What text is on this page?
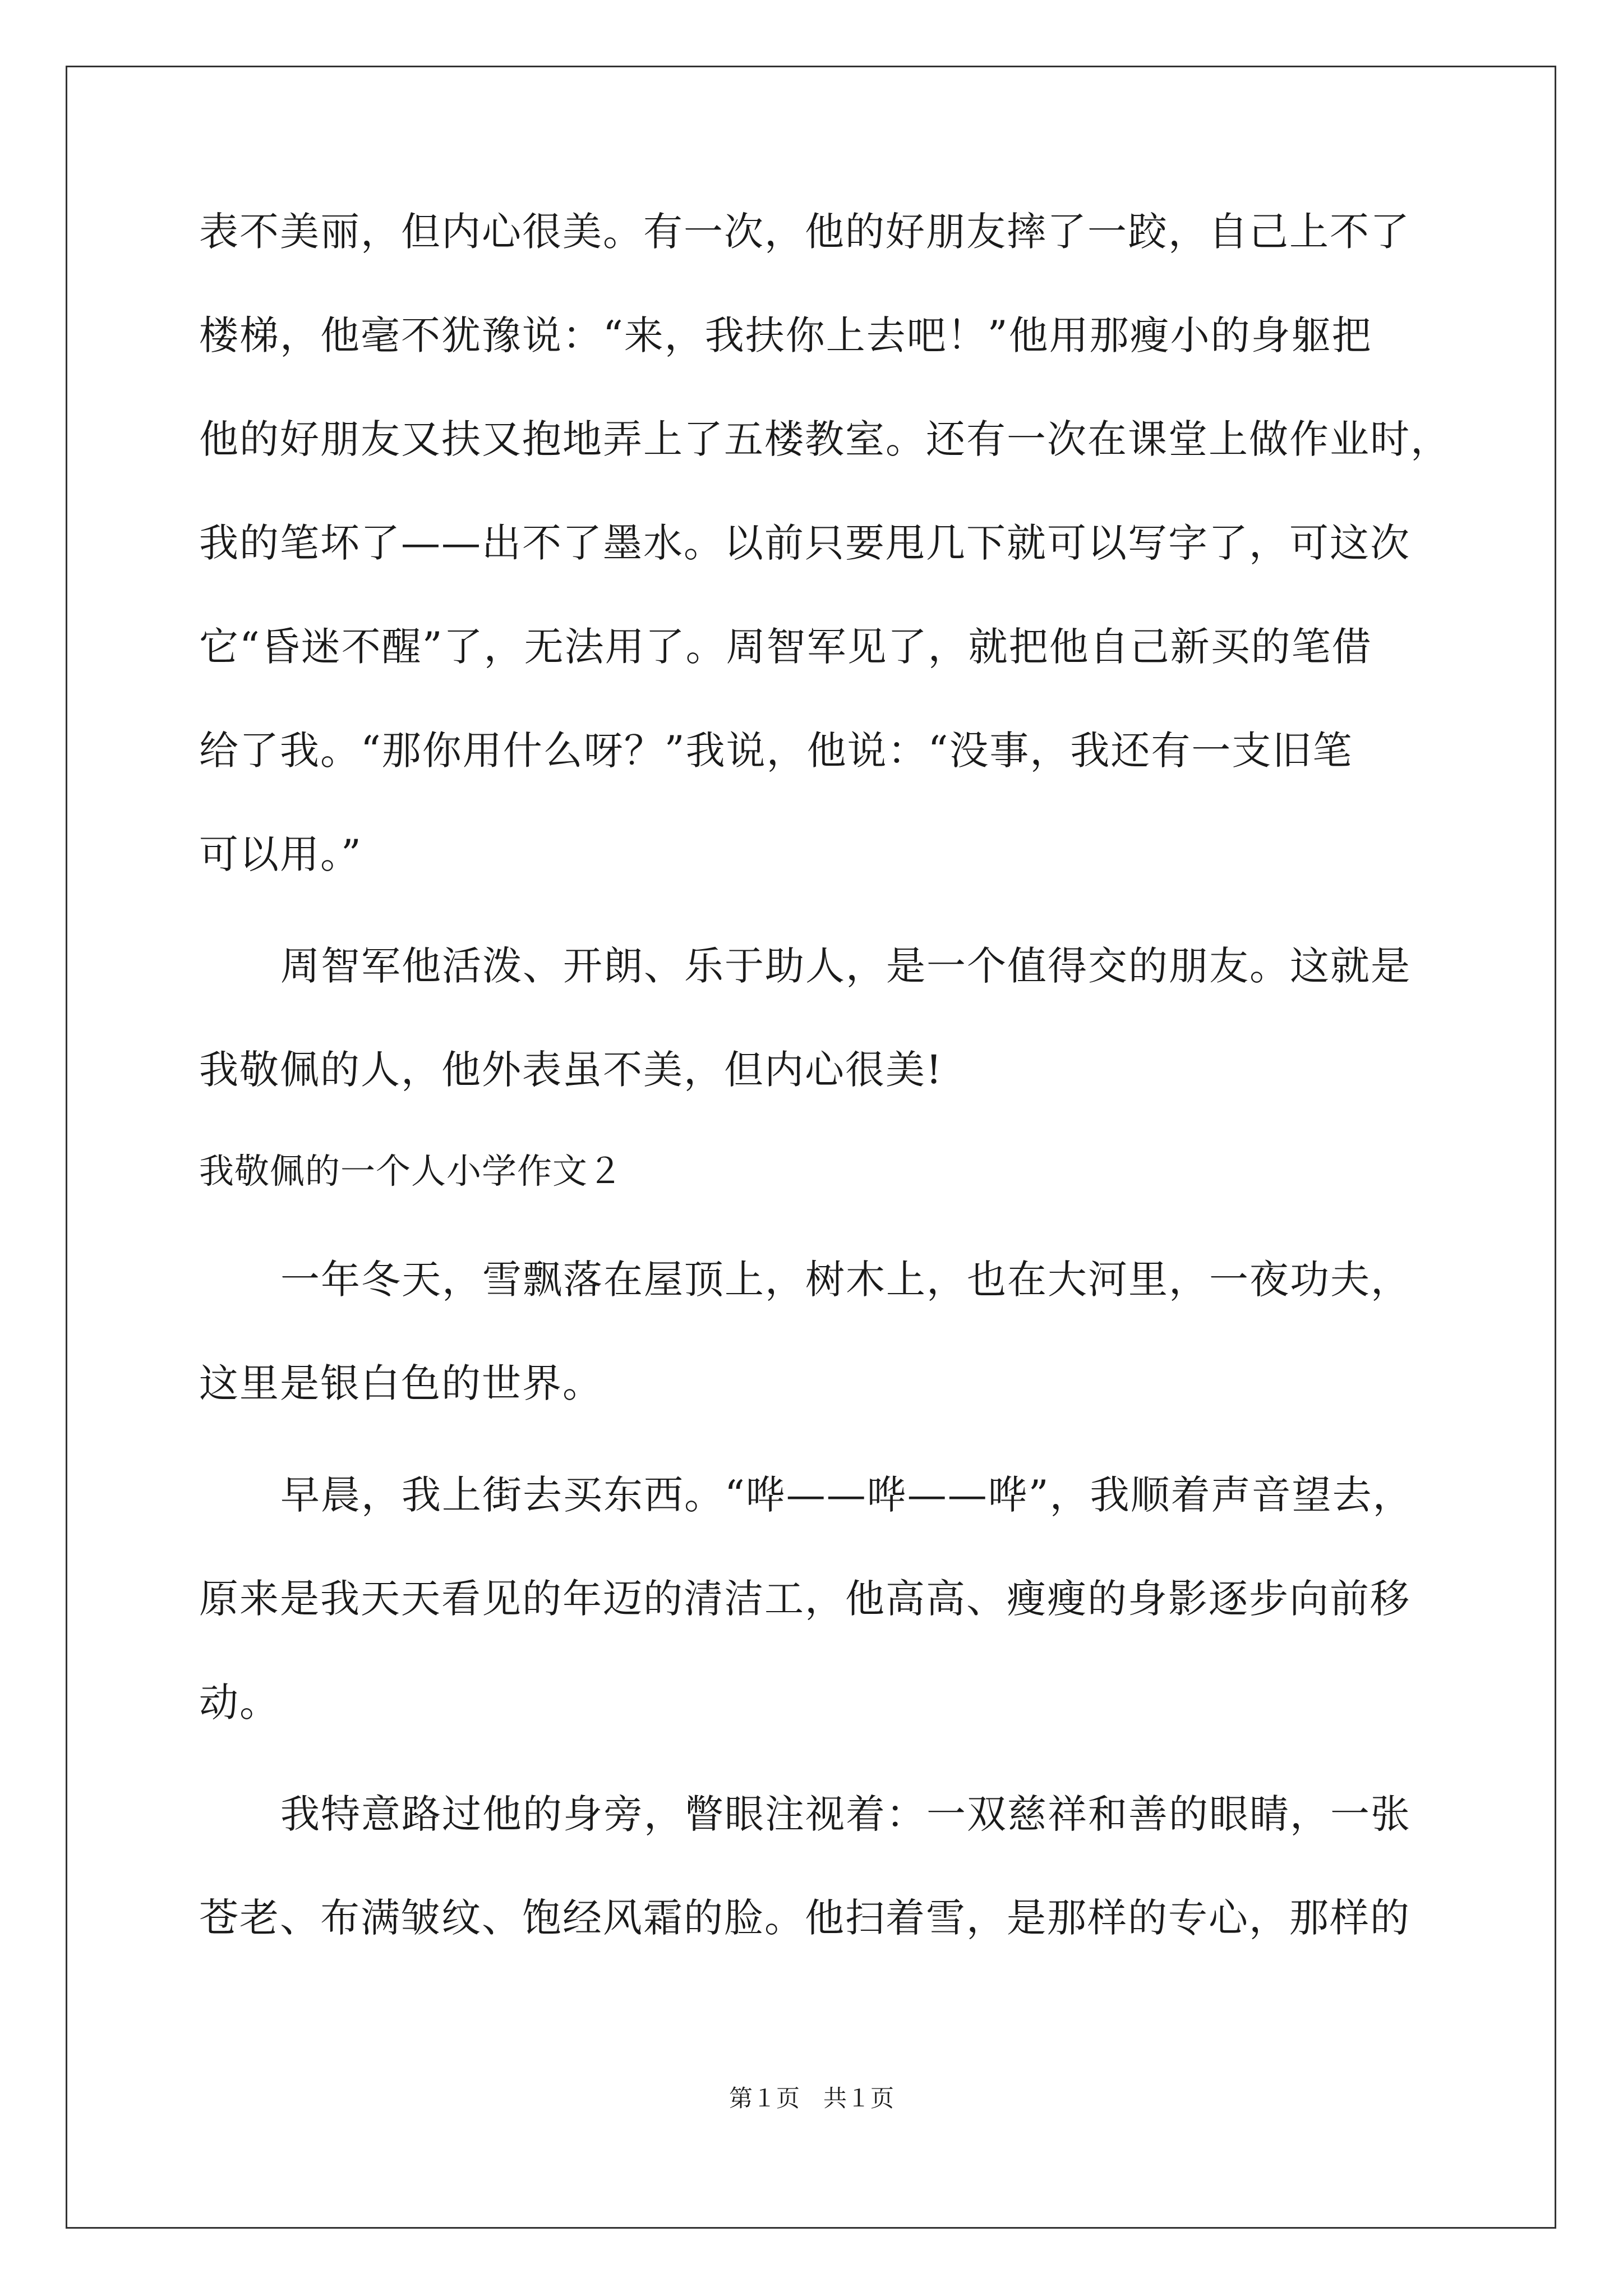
表不美丽，但内心很美。有一次，他的好朋友摔了一跤，自己上不了
楼梯，他毫不犹豫说：“来，我扶你上去吧！”他用那瘦小的身躯把
他的好朋友又扶又抱地弄上了五楼教室。还有一次在课堂上做作业时，
我的笔坏了——出不了墨水。以前只要甩几下就可以写字了，可这次
它“昏迷不醒”了，无法用了。周智军见了，就把他自己新买的笔借
给了我。“那你用什么呀？”我说，他说：“没事，我还有一支旧笔
可以用。”
周智军他活泼、开朗、乐于助人，是一个值得交的朋友。这就是
我敬佩的人，他外表虽不美，但内心很美!
我敬佩的一个人小学作文２
一年冬天，雪飘落在屋顶上，树木上，也在大河里，一夜功夫，
这里是银白色的世界。
早晨，我上街去买东西。“哗——哗——哗”，我顺着声音望去，
原来是我天天看见的年迈的清洁工，他高高、瘦瘦的身影逐步向前移
动。
我特意路过他的身旁，瞥眼注视着：一双慈祥和善的眼睛，一张
苍老、布满皱纹、饱经风霜的脸。他扫着雪，是那样的专心，那样的
第１页　共１页
